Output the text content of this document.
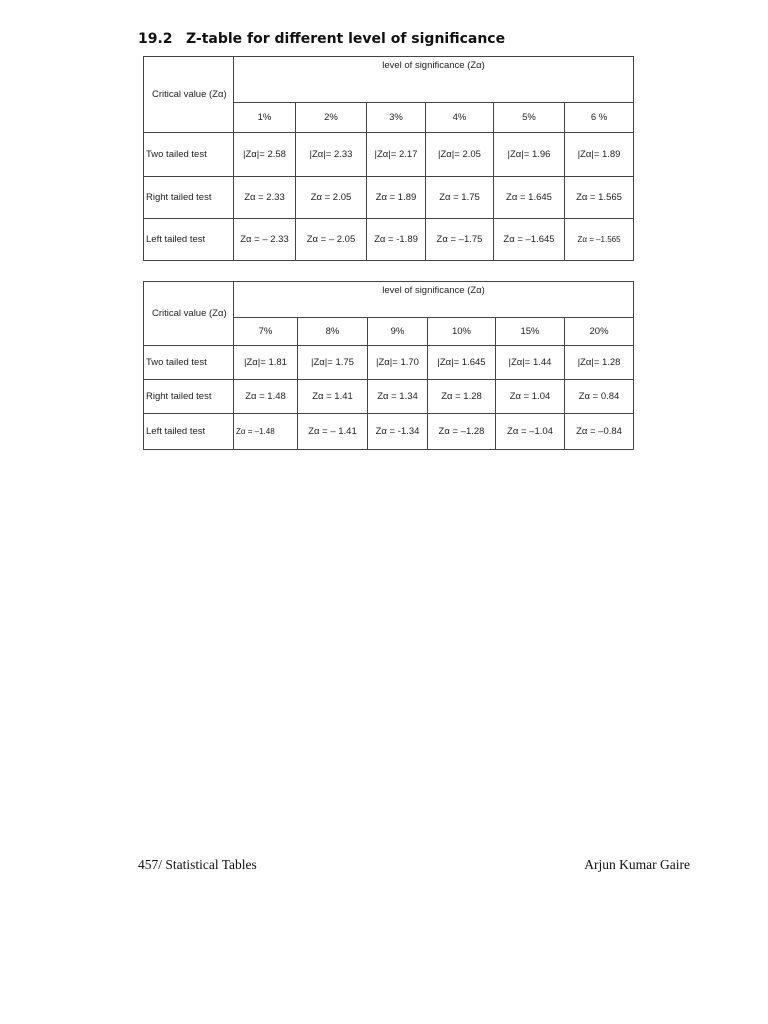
19.2 Z-table for different level of significance
Critical value (Zα)	level of significance (Zα)					
	1%	2%	3%	4%	5%	6 %
Two tailed test	|Zα|= 2.58	|Zα|= 2.33	|Zα|= 2.17	|Zα|= 2.05	|Zα|= 1.96	|Zα|= 1.89
Right tailed test	Zα = 2.33	Zα = 2.05	Zα = 1.89	Zα = 1.75	Zα = 1.645	Zα = 1.565
Left tailed test	Zα = – 2.33	Zα = – 2.05	Zα = -1.89	Zα = –1.75	Zα = –1.645	Zα = –1.565
Critical value (Zα)	level of significance (Zα)					
	7%	8%	9%	10%	15%	20%
Two tailed test	|Zα|= 1.81	|Zα|= 1.75	|Zα|= 1.70	|Zα|= 1.645	|Zα|= 1.44	|Zα|= 1.28
Right tailed test	Zα = 1.48	Zα = 1.41	Zα = 1.34	Zα = 1.28	Zα = 1.04	Zα = 0.84
Left tailed test	Zα = –1.48	Zα = – 1.41	Zα = -1.34	Zα = –1.28	Zα = –1.04	Zα = –0.84
457/ Statistical Tables	Arjun Kumar Gaire
